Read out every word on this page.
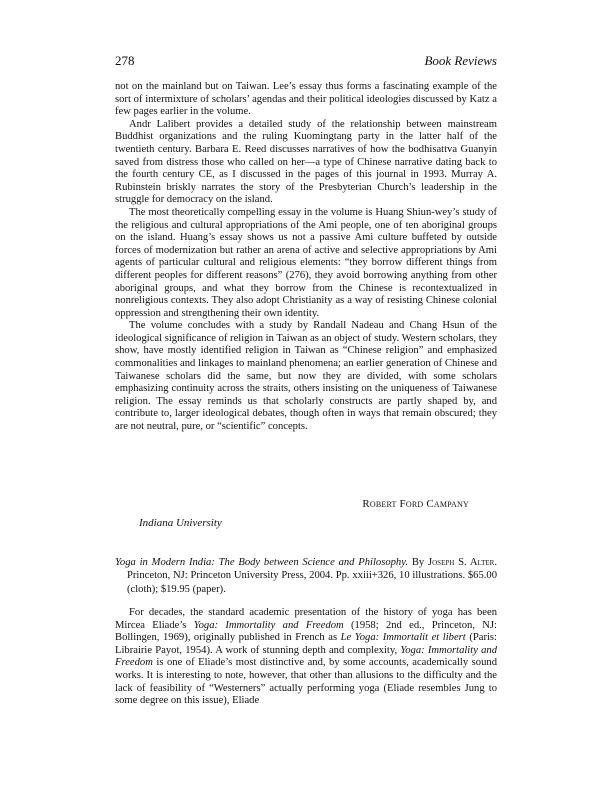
278	Book Reviews

not on the mainland but on Taiwan. Lee’s essay thus forms a fascinating example of the sort of intermixture of scholars’ agendas and their political ideologies discussed by Katz a few pages earlier in the volume.

Andr Lalibert provides a detailed study of the relationship between mainstream Buddhist organizations and the ruling Kuomingtang party in the latter half of the twentieth century. Barbara E. Reed discusses narratives of how the bodhisattva Guanyin saved from distress those who called on her—a type of Chinese narrative dating back to the fourth century CE, as I discussed in the pages of this journal in 1993. Murray A. Rubinstein briskly narrates the story of the Presbyterian Church’s leadership in the struggle for democracy on the island.

The most theoretically compelling essay in the volume is Huang Shiun-wey’s study of the religious and cultural appropriations of the Ami people, one of ten aboriginal groups on the island. Huang’s essay shows us not a passive Ami culture buffeted by outside forces of modernization but rather an arena of active and selective appropriations by Ami agents of particular cultural and religious elements: “they borrow different things from different peoples for different reasons” (276), they avoid borrowing anything from other aboriginal groups, and what they borrow from the Chinese is recontextualized in nonreligious contexts. They also adopt Christianity as a way of resisting Chinese colonial oppression and strengthening their own identity.

The volume concludes with a study by Randall Nadeau and Chang Hsun of the ideological significance of religion in Taiwan as an object of study. Western scholars, they show, have mostly identified religion in Taiwan as “Chinese religion” and emphasized commonalities and linkages to mainland phenomena; an earlier generation of Chinese and Taiwanese scholars did the same, but now they are divided, with some scholars emphasizing continuity across the straits, others insisting on the uniqueness of Taiwanese religion. The essay reminds us that scholarly constructs are partly shaped by, and contribute to, larger ideological debates, though often in ways that remain obscured; they are not neutral, pure, or “scientific” concepts.

Robert Ford Campany
Indiana University
Yoga in Modern India: The Body between Science and Philosophy. By Joseph S. Alter. Princeton, NJ: Princeton University Press, 2004. Pp. xxiii+326, 10 illustrations. $65.00 (cloth); $19.95 (paper).

For decades, the standard academic presentation of the history of yoga has been Mircea Eliade’s Yoga: Immortality and Freedom (1958; 2nd ed., Princeton, NJ: Bollingen, 1969), originally published in French as Le Yoga: Immortalit et libert (Paris: Librairie Payot, 1954). A work of stunning depth and complexity, Yoga: Immortality and Freedom is one of Eliade’s most distinctive and, by some accounts, academically sound works. It is interesting to note, however, that other than allusions to the difficulty and the lack of feasibility of “Westerners” actually performing yoga (Eliade resembles Jung to some degree on this issue), Eliade
